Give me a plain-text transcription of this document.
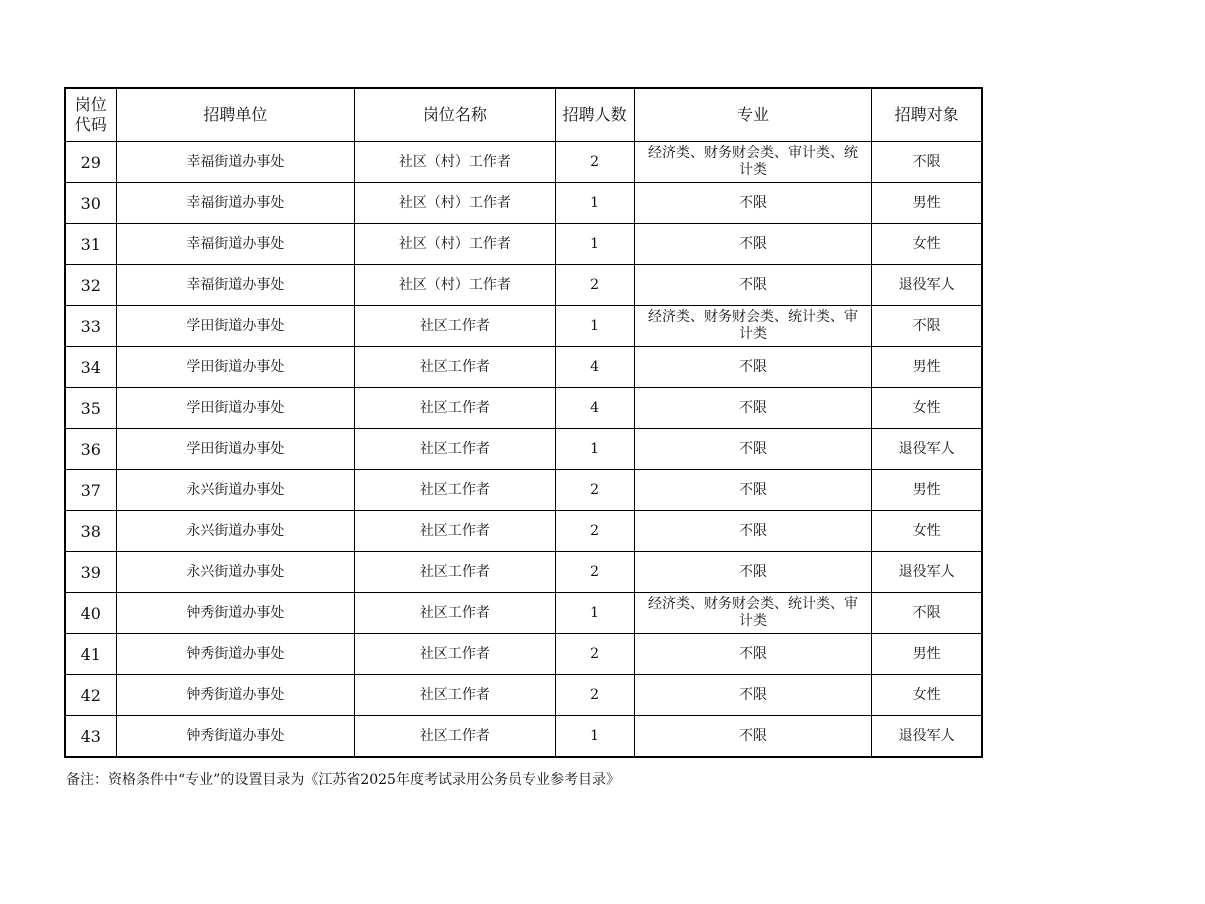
岗位代码	招聘单位	岗位名称	招聘人数	专业	招聘对象
29	幸福街道办事处	社区（村）工作者	2	经济类、财务财会类、审计类、统计类	不限
30	幸福街道办事处	社区（村）工作者	1	不限	男性
31	幸福街道办事处	社区（村）工作者	1	不限	女性
32	幸福街道办事处	社区（村）工作者	2	不限	退役军人
33	学田街道办事处	社区工作者	1	经济类、财务财会类、统计类、审计类	不限
34	学田街道办事处	社区工作者	4	不限	男性
35	学田街道办事处	社区工作者	4	不限	女性
36	学田街道办事处	社区工作者	1	不限	退役军人
37	永兴街道办事处	社区工作者	2	不限	男性
38	永兴街道办事处	社区工作者	2	不限	女性
39	永兴街道办事处	社区工作者	2	不限	退役军人
40	钟秀街道办事处	社区工作者	1	经济类、财务财会类、统计类、审计类	不限
41	钟秀街道办事处	社区工作者	2	不限	男性
42	钟秀街道办事处	社区工作者	2	不限	女性
43	钟秀街道办事处	社区工作者	1	不限	退役军人
备注：资格条件中“专业”的设置目录为《江苏省2025年度考试录用公务员专业参考目录》
